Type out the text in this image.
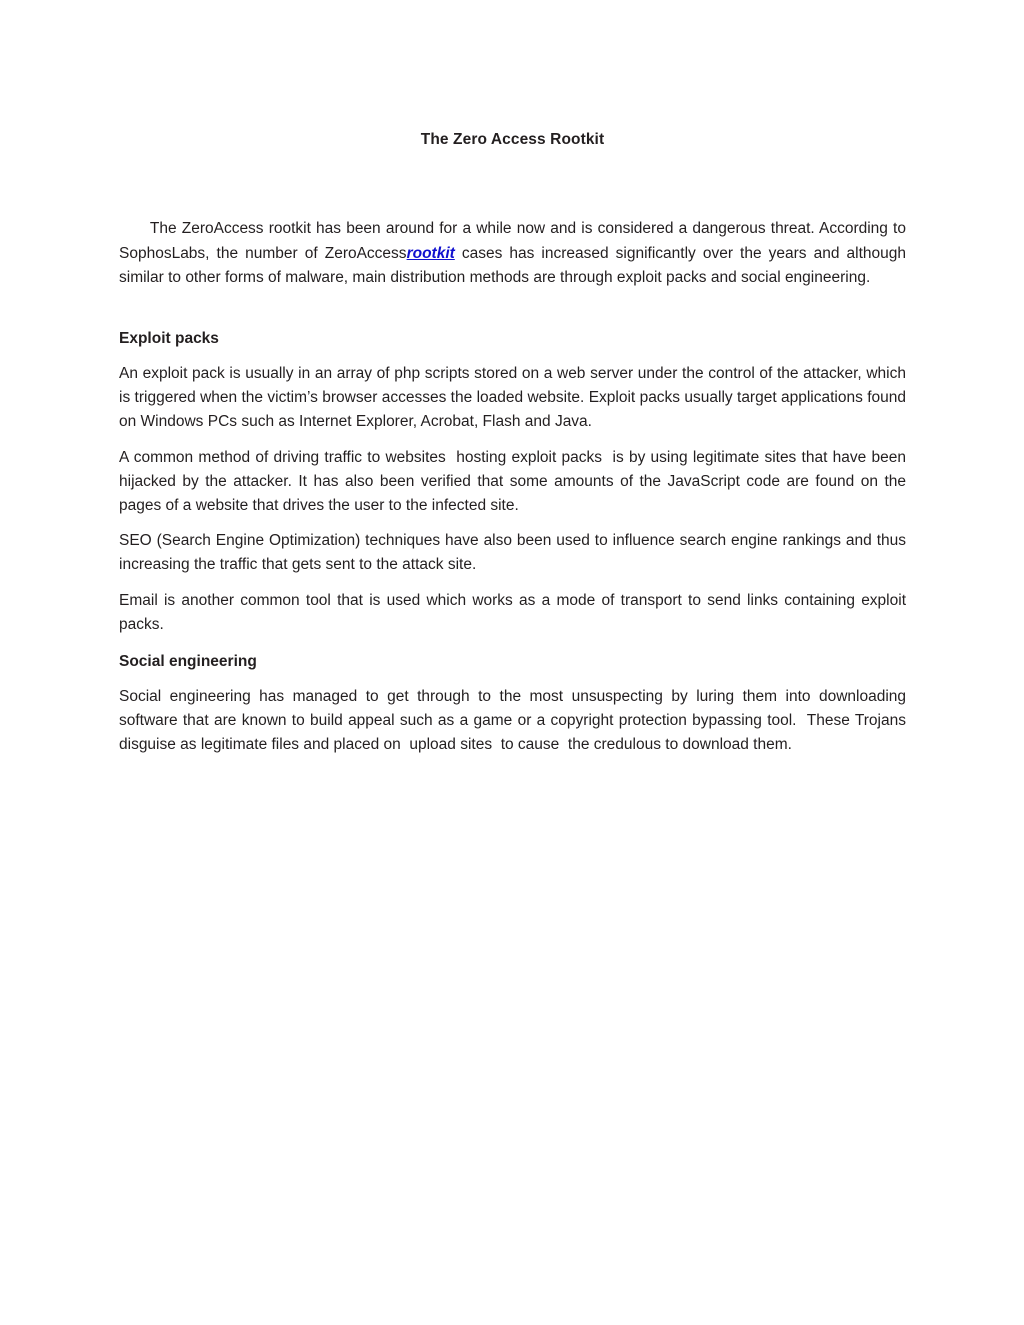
The Zero Access Rootkit

The ZeroAccess rootkit has been around for a while now and is considered a dangerous threat. According to SophosLabs, the number of ZeroAccessrootkit cases has increased significantly over the years and although similar to other forms of malware, main distribution methods are through exploit packs and social engineering.

Exploit packs

An exploit pack is usually in an array of php scripts stored on a web server under the control of the attacker, which is triggered when the victim’s browser accesses the loaded website. Exploit packs usually target applications found on Windows PCs such as Internet Explorer, Acrobat, Flash and Java.

A common method of driving traffic to websites  hosting exploit packs  is by using legitimate sites that have been hijacked by the attacker. It has also been verified that some amounts of the JavaScript code are found on the pages of a website that drives the user to the infected site.

SEO (Search Engine Optimization) techniques have also been used to influence search engine rankings and thus increasing the traffic that gets sent to the attack site.

Email is another common tool that is used which works as a mode of transport to send links containing exploit packs.

Social engineering

Social engineering has managed to get through to the most unsuspecting by luring them into downloading software that are known to build appeal such as a game or a copyright protection bypassing tool.  These Trojans disguise as legitimate files and placed on  upload sites  to cause  the credulous to download them.
